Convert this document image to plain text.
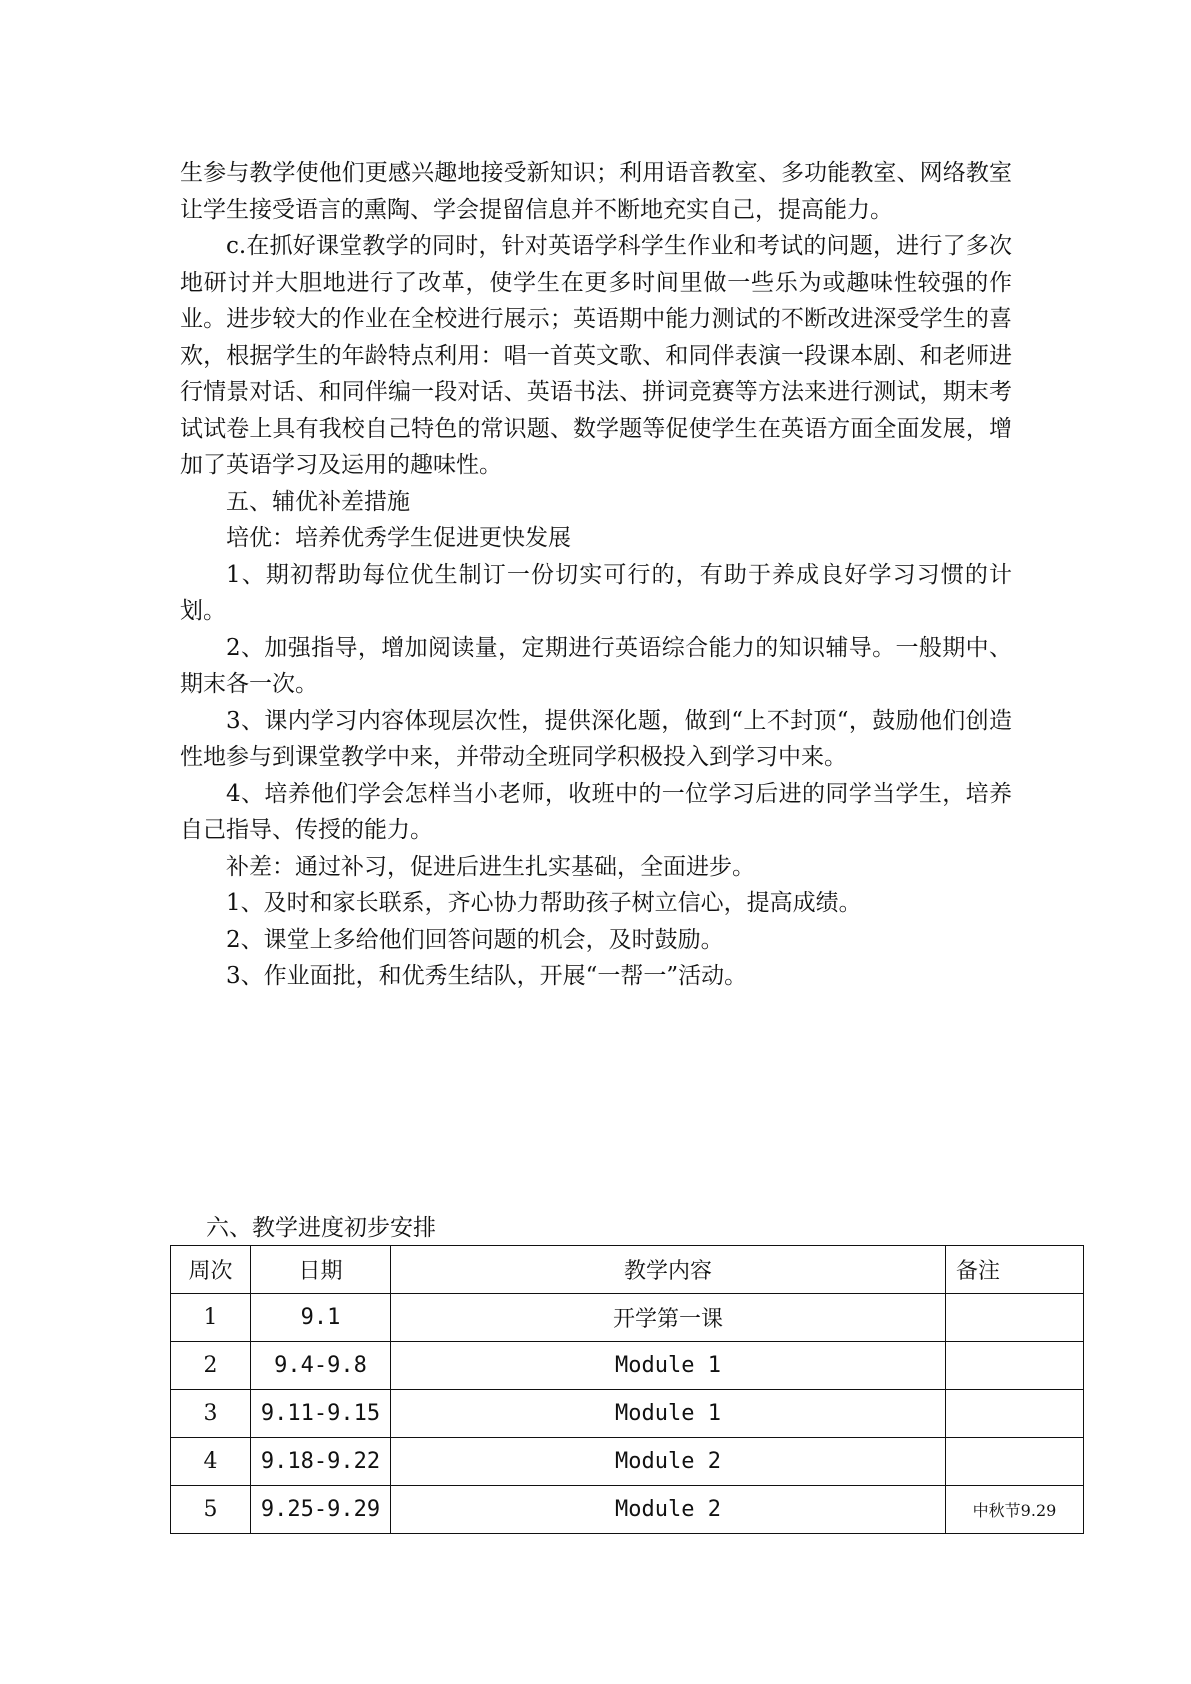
生参与教学使他们更感兴趣地接受新知识；利用语音教室、多功能教室、网络教室让学生接受语言的熏陶、学会提留信息并不断地充实自己，提高能力。

c.在抓好课堂教学的同时，针对英语学科学生作业和考试的问题，进行了多次地研讨并大胆地进行了改革，使学生在更多时间里做一些乐为或趣味性较强的作业。进步较大的作业在全校进行展示；英语期中能力测试的不断改进深受学生的喜欢，根据学生的年龄特点利用：唱一首英文歌、和同伴表演一段课本剧、和老师进行情景对话、和同伴编一段对话、英语书法、拼词竞赛等方法来进行测试，期末考试试卷上具有我校自己特色的常识题、数学题等促使学生在英语方面全面发展，增加了英语学习及运用的趣味性。

五、辅优补差措施

培优：培养优秀学生促进更快发展

1、期初帮助每位优生制订一份切实可行的，有助于养成良好学习习惯的计划。

2、加强指导，增加阅读量，定期进行英语综合能力的知识辅导。一般期中、期末各一次。

3、课内学习内容体现层次性，提供深化题，做到“上不封顶“，鼓励他们创造性地参与到课堂教学中来，并带动全班同学积极投入到学习中来。

4、培养他们学会怎样当小老师，收班中的一位学习后进的同学当学生，培养自己指导、传授的能力。

补差：通过补习，促进后进生扎实基础，全面进步。

1、及时和家长联系，齐心协力帮助孩子树立信心，提高成绩。

2、课堂上多给他们回答问题的机会，及时鼓励。

3、作业面批，和优秀生结队，开展“一帮一”活动。

六、教学进度初步安排
周次	日期	教学内容	备注
1	9.1	开学第一课	
2	9.4-9.8	Module 1	
3	9.11-9.15	Module 1	
4	9.18-9.22	Module 2	
5	9.25-9.29	Module 2	中秋节9.29
